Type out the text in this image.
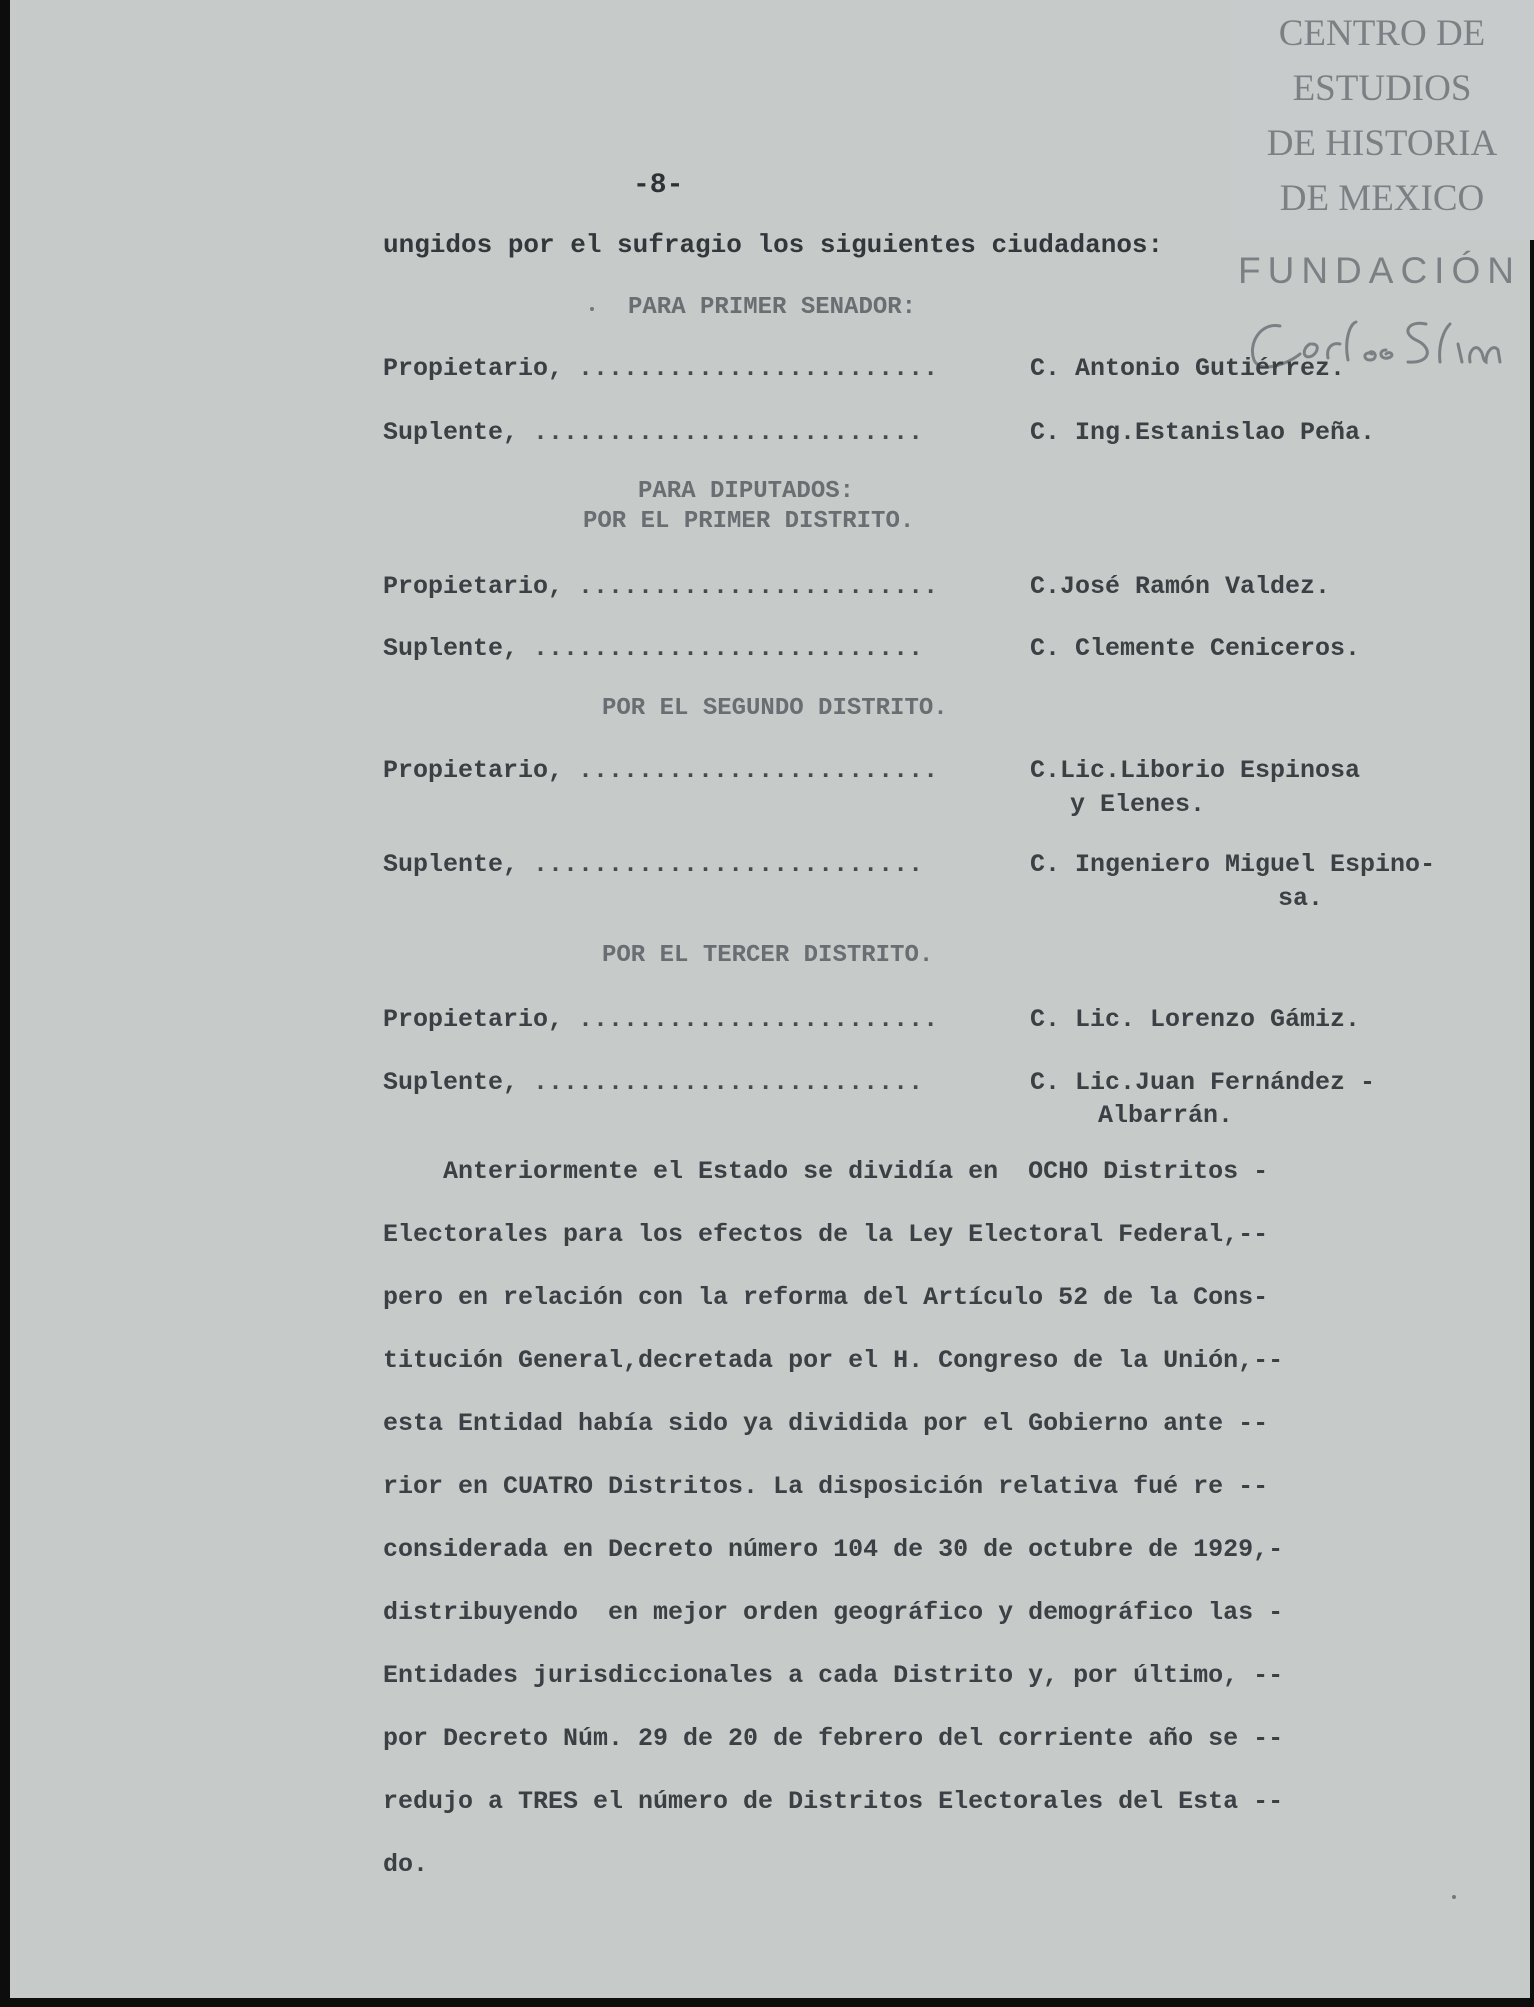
CENTRO DE
ESTUDIOS
DE HISTORIA
DE MEXICO
FUNDACIÓN
-8-
ungidos por el sufragio los siguientes ciudadanos:
PARA PRIMER SENADOR:
PARA DIPUTADOS:
POR EL PRIMER DISTRITO.
POR EL SEGUNDO DISTRITO.
POR EL TERCER DISTRITO.
Propietario, ........................	C. Antonio Gutiérrez.
Suplente, ..........................	C. Ing.Estanislao Peña.
Propietario, ........................	C.José Ramón Valdez.
Suplente, ..........................	C. Clemente Ceniceros.
Propietario, ........................	C.Lic.Liborio Espinosa
y Elenes.
Suplente, ..........................	C. Ingeniero Miguel Espino-
sa.
Propietario, ........................	C. Lic. Lorenzo Gámiz.
Suplente, ..........................	C. Lic.Juan Fernández -
Albarrán.
Anteriormente el Estado se dividía en  OCHO Distritos -
Electorales para los efectos de la Ley Electoral Federal,--
pero en relación con la reforma del Artículo 52 de la Cons-
titución General,decretada por el H. Congreso de la Unión,--
esta Entidad había sido ya dividida por el Gobierno ante --
rior en CUATRO Distritos. La disposición relativa fué re --
considerada en Decreto número 104 de 30 de octubre de 1929,-
distribuyendo  en mejor orden geográfico y demográfico las -
Entidades jurisdiccionales a cada Distrito y, por último, --
por Decreto Núm. 29 de 20 de febrero del corriente año se --
redujo a TRES el número de Distritos Electorales del Esta --
do.
